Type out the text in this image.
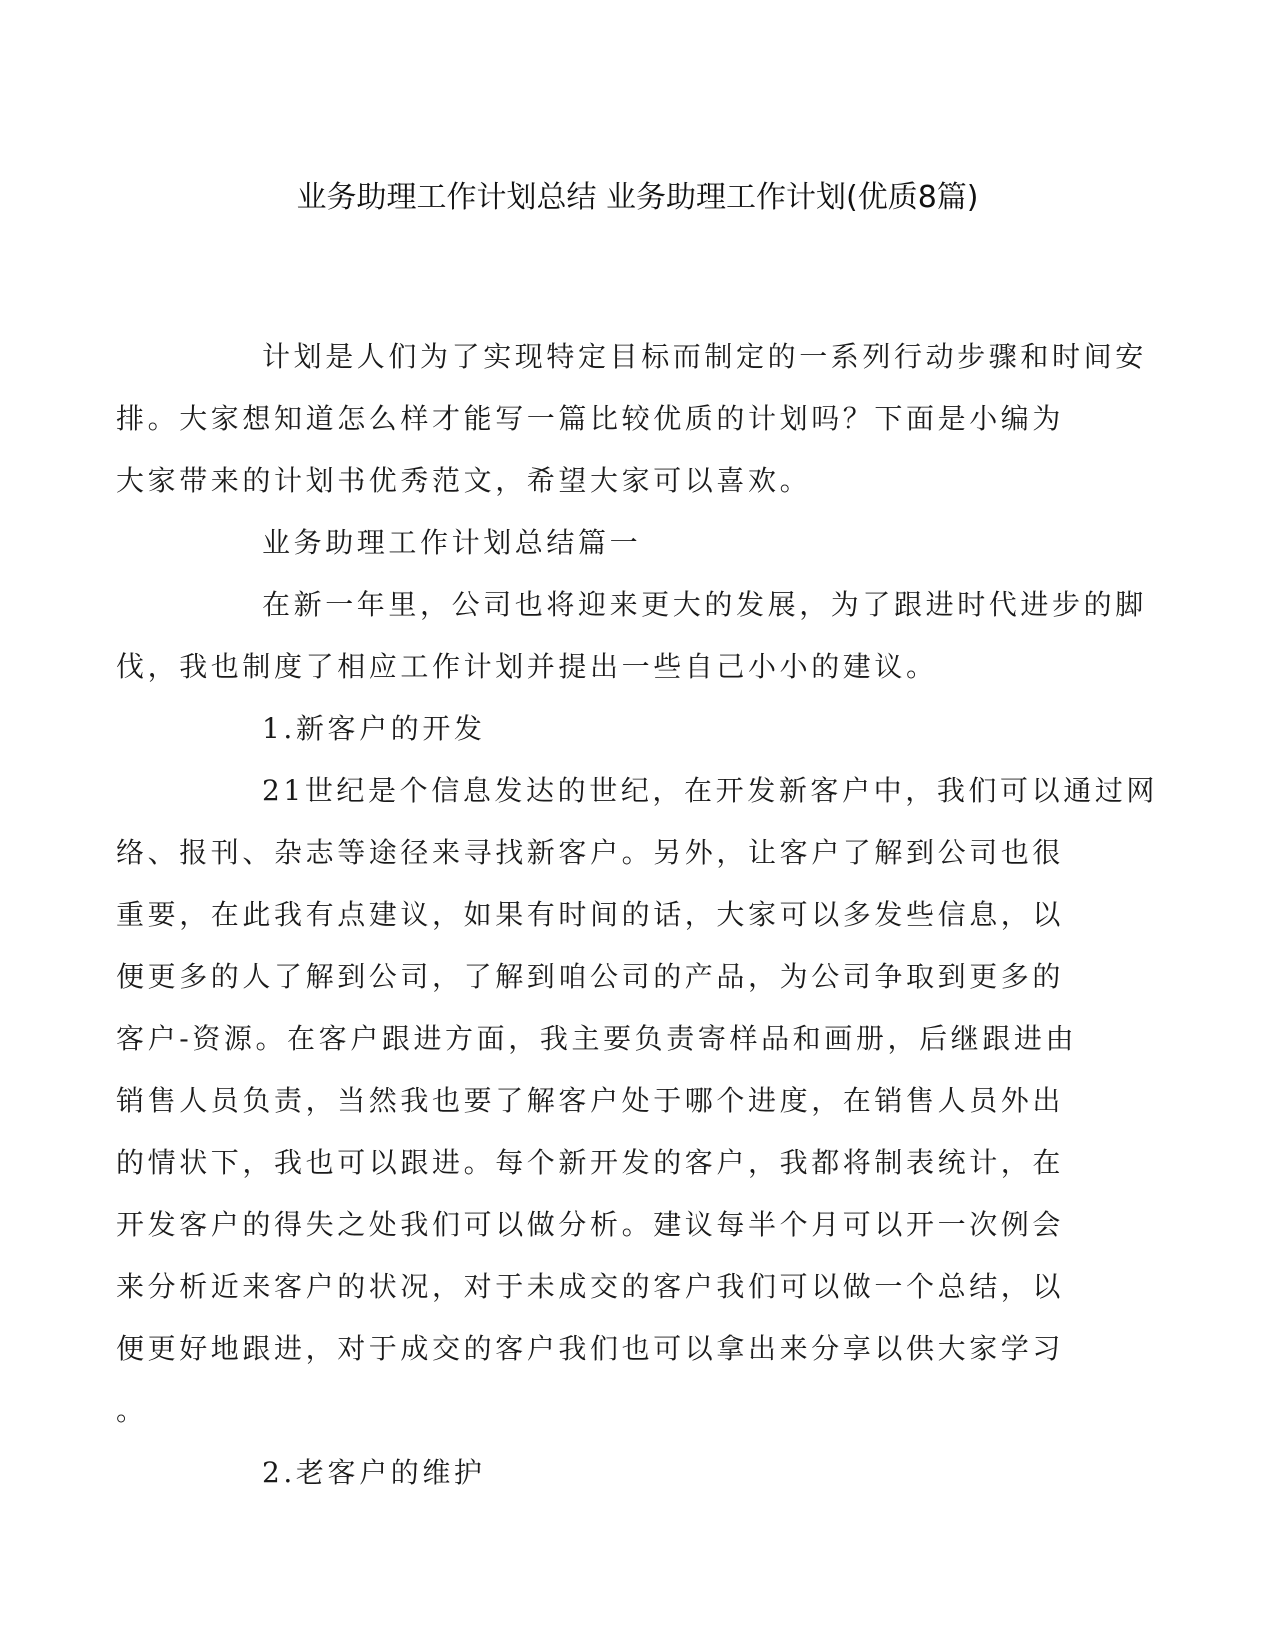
业务助理工作计划总结 业务助理工作计划(优质8篇)

计划是人们为了实现特定目标而制定的一系列行动步骤和时间安
排。大家想知道怎么样才能写一篇比较优质的计划吗？下面是小编为
大家带来的计划书优秀范文，希望大家可以喜欢。

业务助理工作计划总结篇一

在新一年里，公司也将迎来更大的发展，为了跟进时代进步的脚
伐，我也制度了相应工作计划并提出一些自己小小的建议。

1.新客户的开发

21世纪是个信息发达的世纪，在开发新客户中，我们可以通过网
络、报刊、杂志等途径来寻找新客户。另外，让客户了解到公司也很
重要，在此我有点建议，如果有时间的话，大家可以多发些信息，以
便更多的人了解到公司，了解到咱公司的产品，为公司争取到更多的
客户-资源。在客户跟进方面，我主要负责寄样品和画册，后继跟进由
销售人员负责，当然我也要了解客户处于哪个进度，在销售人员外出
的情状下，我也可以跟进。每个新开发的客户，我都将制表统计，在
开发客户的得失之处我们可以做分析。建议每半个月可以开一次例会
来分析近来客户的状况，对于未成交的客户我们可以做一个总结，以
便更好地跟进，对于成交的客户我们也可以拿出来分享以供大家学习
。

2.老客户的维护
